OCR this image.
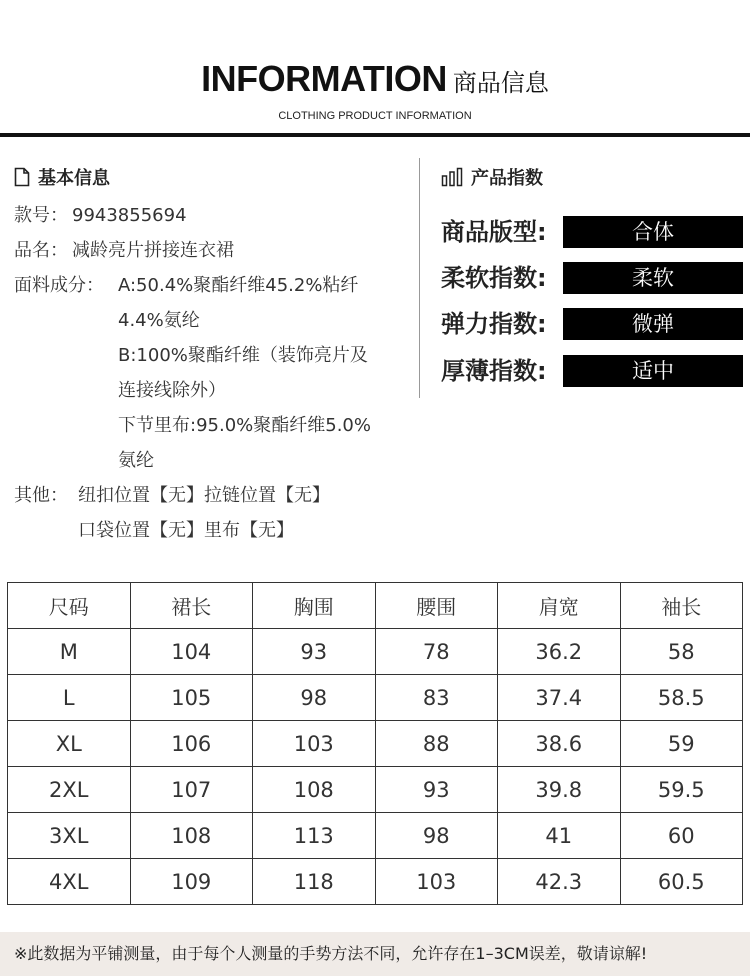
INFORMATION 商品信息
CLOTHING PRODUCT INFORMATION
基本信息
款号： 9943855694
品名： 减龄亮片拼接连衣裙
面料成分： A:50.4%聚酯纤维45.2%粘纤
4.4%氨纶
B:100%聚酯纤维（装饰亮片及
连接线除外）
下节里布:95.0%聚酯纤维5.0%
氨纶
其他： 纽扣位置【无】拉链位置【无】
口袋位置【无】里布【无】
产品指数
商品版型:	合体
柔软指数:	柔软
弹力指数:	微弹
厚薄指数:	适中
尺码	裙长	胸围	腰围	肩宽	袖长
M	104	93	78	36.2	58
L	105	98	83	37.4	58.5
XL	106	103	88	38.6	59
2XL	107	108	93	39.8	59.5
3XL	108	113	98	41	60
4XL	109	118	103	42.3	60.5
※此数据为平铺测量，由于每个人测量的手势方法不同，允许存在1–3CM误差，敬请谅解!
